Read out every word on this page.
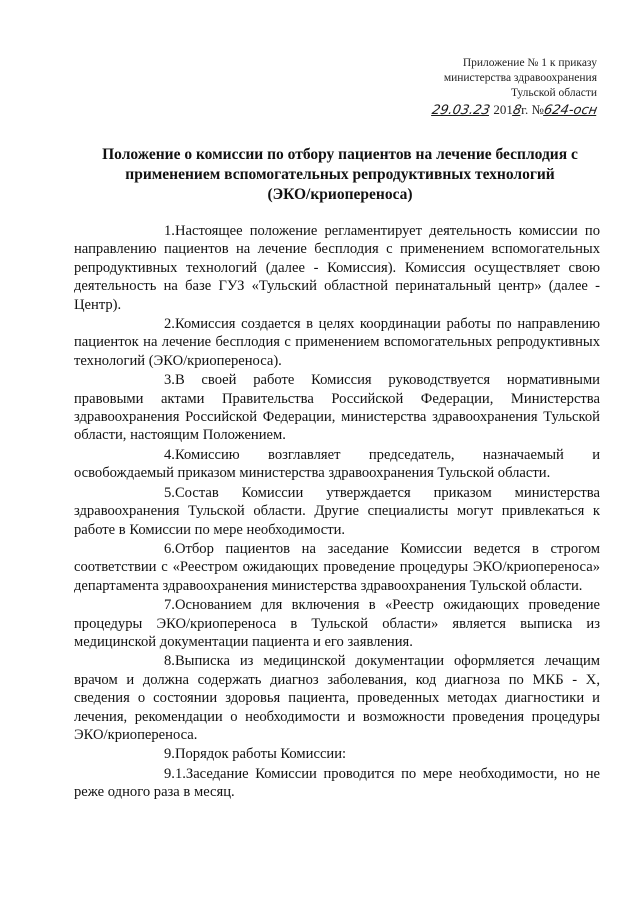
Приложение № 1 к приказу
министерства здравоохранения
Тульской области
29.03.23 2018г. №624-осн
Положение о комиссии по отбору пациентов на лечение бесплодия с
применением вспомогательных репродуктивных технологий
(ЭКО/криопереноса)

1.Настоящее положение регламентирует деятельность комиссии по направлению пациентов на лечение бесплодия с применением вспомогательных репродуктивных технологий (далее - Комиссия). Комиссия осуществляет свою деятельность на базе ГУЗ «Тульский областной перинатальный центр» (далее - Центр).

2.Комиссия создается в целях координации работы по направлению пациенток на лечение бесплодия с применением вспомогательных репродуктивных технологий (ЭКО/криопереноса).

3.В своей работе Комиссия руководствуется нормативными правовыми актами Правительства Российской Федерации, Министерства здравоохранения Российской Федерации, министерства здравоохранения Тульской области, настоящим Положением.

4.Комиссию возглавляет председатель, назначаемый и освобождаемый приказом министерства здравоохранения Тульской области.

5.Состав Комиссии утверждается приказом министерства здравоохранения Тульской области. Другие специалисты могут привлекаться к работе в Комиссии по мере необходимости.

6.Отбор пациентов на заседание Комиссии ведется в строгом соответствии с «Реестром ожидающих проведение процедуры ЭКО/криопереноса» департамента здравоохранения министерства здравоохранения Тульской области.

7.Основанием для включения в «Реестр ожидающих проведение процедуры ЭКО/криопереноса в Тульской области» является выписка из медицинской документации пациента и его заявления.

8.Выписка из медицинской документации оформляется лечащим врачом и должна содержать диагноз заболевания, код диагноза по МКБ - X, сведения о состоянии здоровья пациента, проведенных методах диагностики и лечения, рекомендации о необходимости и возможности проведения процедуры ЭКО/криопереноса.

9.Порядок работы Комиссии:

9.1.Заседание Комиссии проводится по мере необходимости, но не реже одного раза в месяц.
